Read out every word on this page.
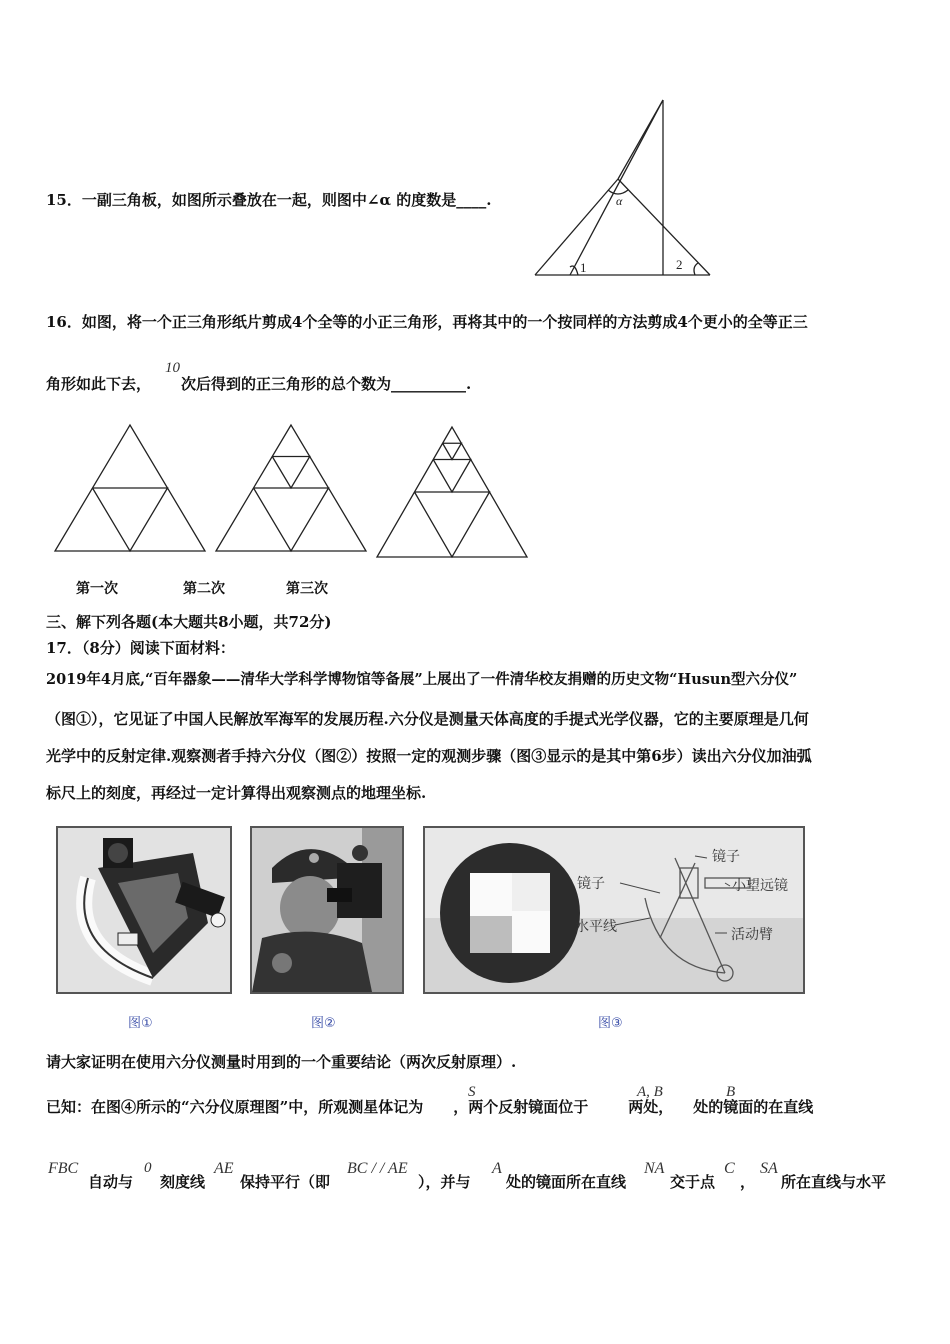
15．一副三角板，如图所示叠放在一起，则图中∠α 的度数是____.	α
1	2
16．如图，将一个正三角形纸片剪成4个全等的小正三角形，再将其中的一个按同样的方法剪成4个更小的全等正三
角形如此下去， 次后得到的正三角形的总个数为__________.
10
第一次	第二次	第三次
三、解下列各题(本大题共8小题，共72分)
17．（8分）阅读下面材料：
2019年4月底,“百年器象——清华大学科学博物馆等备展”上展出了一件清华校友捐赠的历史文物“Husun型六分仪”
（图①），它见证了中国人民解放军海军的发展历程.六分仪是测量天体高度的手提式光学仪器，它的主要原理是几何
光学中的反射定律.观察测者手持六分仪（图②）按照一定的观测步骤（图③显示的是其中第6步）读出六分仪加油弧
标尺上的刻度，再经过一定计算得出观察测点的地理坐标.
镜子
镜子	小望远镜
水平线	活动臂
图①	图②	图③
请大家证明在使用六分仪测量时用到的一个重要结论（两次反射原理）.
已知：在图④所示的“六分仪原理图”中，所观测星体记为 ，两个反射镜面位于	两处， 处的镜面的在直线
S	A, B	B
FBC
自动与
0
刻度线
AE
保持平行（即
BC / / AE
），并与
A
处的镜面所在直线
NA
交于点
C
，
SA
所在直线与水平
